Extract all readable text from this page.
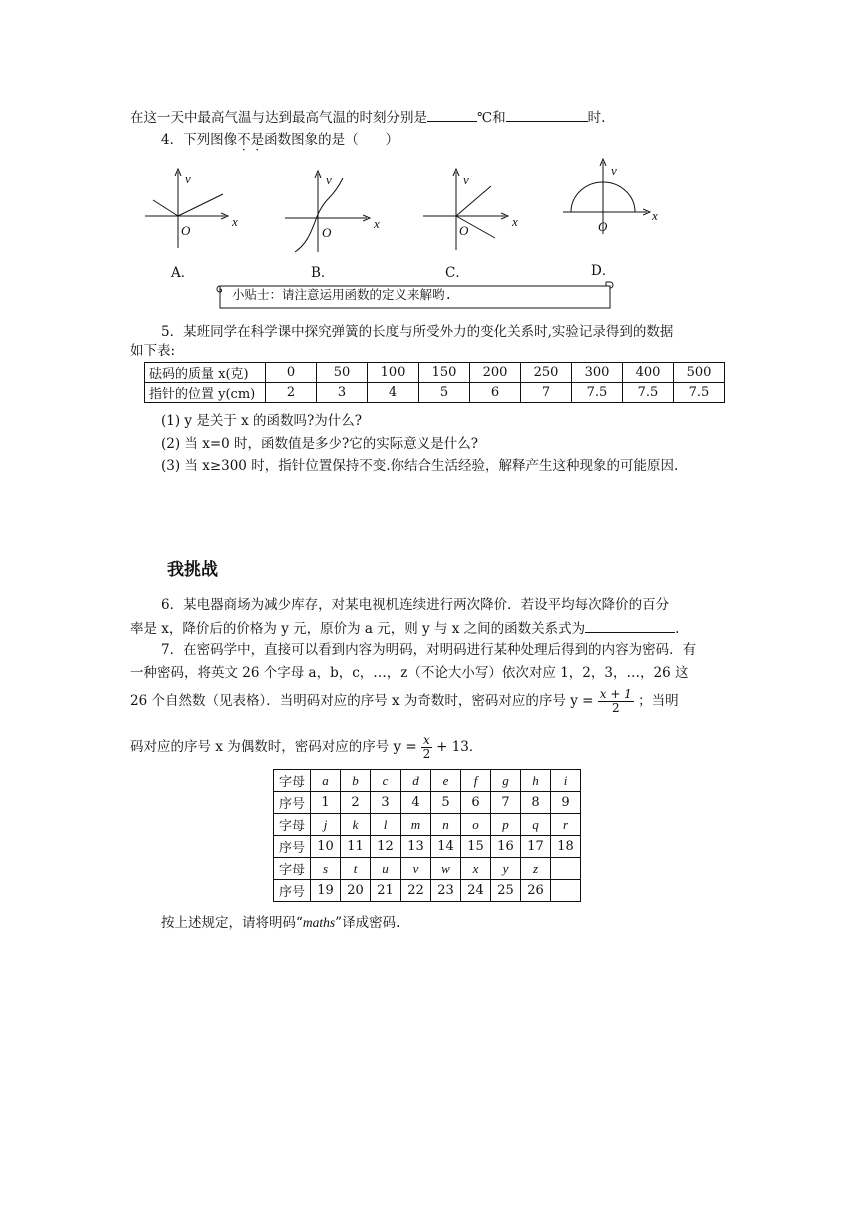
在这一天中最高气温与达到最高气温的时刻分别是	℃和	时.
4．下列图像不是函数图象的是（　　）
v
x
O
A．
v
x
O
B．
v
x
O
C．
v
x
O
D．
小贴士：请注意运用函数的定义来解哟.
5．某班同学在科学课中探究弹簧的长度与所受外力的变化关系时,实验记录得到的数据
如下表:
砝码的质量 x(克)	0	50	100	150	200	250	300	400	500
指针的位置 y(cm)	2	3	4	5	6	7	7.5	7.5	7.5
(1) y 是关于 x 的函数吗?为什么?
(2) 当 x=0 时，函数值是多少?它的实际意义是什么?
(3) 当 x≥300 时，指针位置保持不变.你结合生活经验，解释产生这种现象的可能原因.
我挑战
6．某电器商场为减少库存，对某电视机连续进行两次降价．若设平均每次降价的百分
率是 x，降价后的价格为 y 元，原价为 a 元，则 y 与 x 之间的函数关系式为	.
7．在密码学中，直接可以看到内容为明码，对明码进行某种处理后得到的内容为密码．有
一种密码，将英文 26 个字母 a，b，c，…，z（不论大小写）依次对应 1，2，3，…，26 这
26 个自然数（见表格）．当明码对应的序号 x 为奇数时，密码对应的序号 $y = \frac{x + 1}{2}$ ；当明
码对应的序号 x 为偶数时，密码对应的序号 $y = \frac{x}{2} + 13$．
字母	a	b	c	d	e	f	g	h	i
序号	1	2	3	4	5	6	7	8	9
字母	j	k	l	m	n	o	p	q	r
序号	10	11	12	13	14	15	16	17	18
字母	s	t	u	v	w	x	y	z	
序号	19	20	21	22	23	24	25	26	
按上述规定，请将明码“maths”译成密码.
